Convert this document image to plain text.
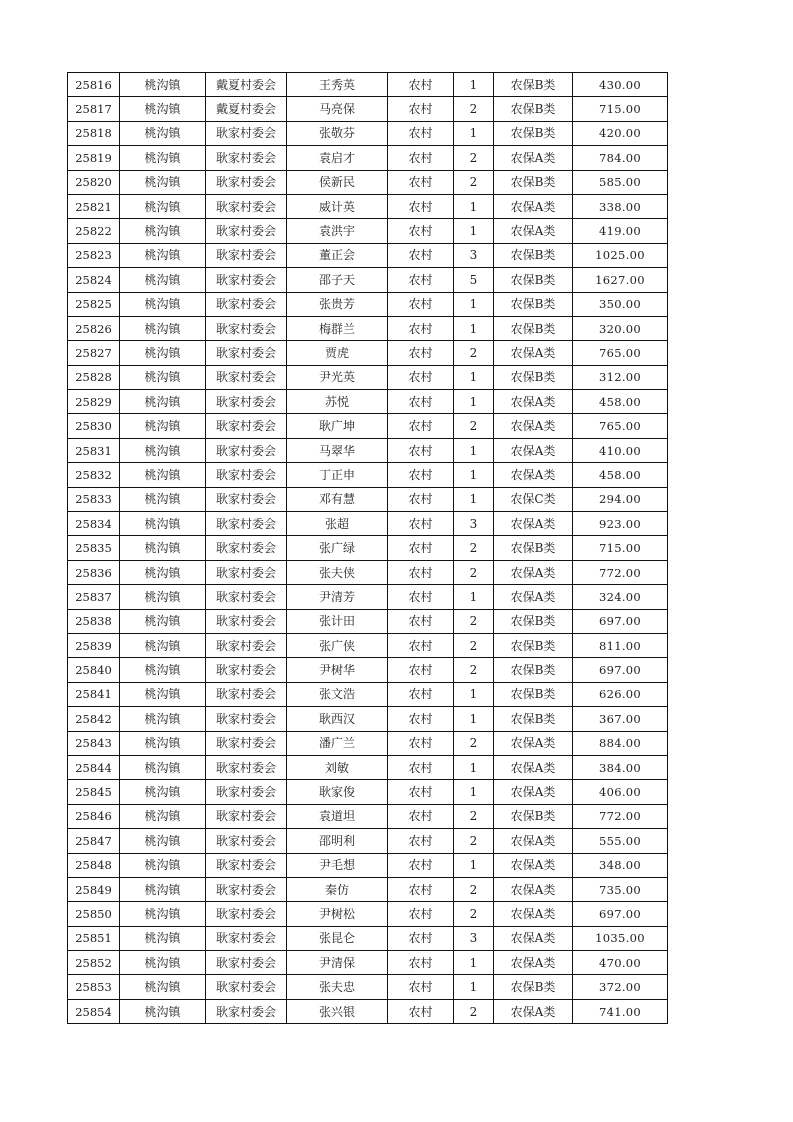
25816	桃沟镇	戴夏村委会	王秀英	农村	1	农保B类	430.00
25817	桃沟镇	戴夏村委会	马亮保	农村	2	农保B类	715.00
25818	桃沟镇	耿家村委会	张敬芬	农村	1	农保B类	420.00
25819	桃沟镇	耿家村委会	袁启才	农村	2	农保A类	784.00
25820	桃沟镇	耿家村委会	侯新民	农村	2	农保B类	585.00
25821	桃沟镇	耿家村委会	威计英	农村	1	农保A类	338.00
25822	桃沟镇	耿家村委会	袁洪宇	农村	1	农保A类	419.00
25823	桃沟镇	耿家村委会	董正会	农村	3	农保B类	1025.00
25824	桃沟镇	耿家村委会	邵子天	农村	5	农保B类	1627.00
25825	桃沟镇	耿家村委会	张贵芳	农村	1	农保B类	350.00
25826	桃沟镇	耿家村委会	梅群兰	农村	1	农保B类	320.00
25827	桃沟镇	耿家村委会	贾虎	农村	2	农保A类	765.00
25828	桃沟镇	耿家村委会	尹光英	农村	1	农保B类	312.00
25829	桃沟镇	耿家村委会	苏悦	农村	1	农保A类	458.00
25830	桃沟镇	耿家村委会	耿广坤	农村	2	农保A类	765.00
25831	桃沟镇	耿家村委会	马翠华	农村	1	农保A类	410.00
25832	桃沟镇	耿家村委会	丁正申	农村	1	农保A类	458.00
25833	桃沟镇	耿家村委会	邓有慧	农村	1	农保C类	294.00
25834	桃沟镇	耿家村委会	张超	农村	3	农保A类	923.00
25835	桃沟镇	耿家村委会	张广绿	农村	2	农保B类	715.00
25836	桃沟镇	耿家村委会	张夫侠	农村	2	农保A类	772.00
25837	桃沟镇	耿家村委会	尹清芳	农村	1	农保A类	324.00
25838	桃沟镇	耿家村委会	张计田	农村	2	农保B类	697.00
25839	桃沟镇	耿家村委会	张广侠	农村	2	农保B类	811.00
25840	桃沟镇	耿家村委会	尹树华	农村	2	农保B类	697.00
25841	桃沟镇	耿家村委会	张文浩	农村	1	农保B类	626.00
25842	桃沟镇	耿家村委会	耿西汉	农村	1	农保B类	367.00
25843	桃沟镇	耿家村委会	潘广兰	农村	2	农保A类	884.00
25844	桃沟镇	耿家村委会	刘敏	农村	1	农保A类	384.00
25845	桃沟镇	耿家村委会	耿家俊	农村	1	农保A类	406.00
25846	桃沟镇	耿家村委会	袁道坦	农村	2	农保B类	772.00
25847	桃沟镇	耿家村委会	邵明利	农村	2	农保A类	555.00
25848	桃沟镇	耿家村委会	尹毛想	农村	1	农保A类	348.00
25849	桃沟镇	耿家村委会	秦仿	农村	2	农保A类	735.00
25850	桃沟镇	耿家村委会	尹树松	农村	2	农保A类	697.00
25851	桃沟镇	耿家村委会	张昆仑	农村	3	农保A类	1035.00
25852	桃沟镇	耿家村委会	尹清保	农村	1	农保A类	470.00
25853	桃沟镇	耿家村委会	张夫忠	农村	1	农保B类	372.00
25854	桃沟镇	耿家村委会	张兴银	农村	2	农保A类	741.00
